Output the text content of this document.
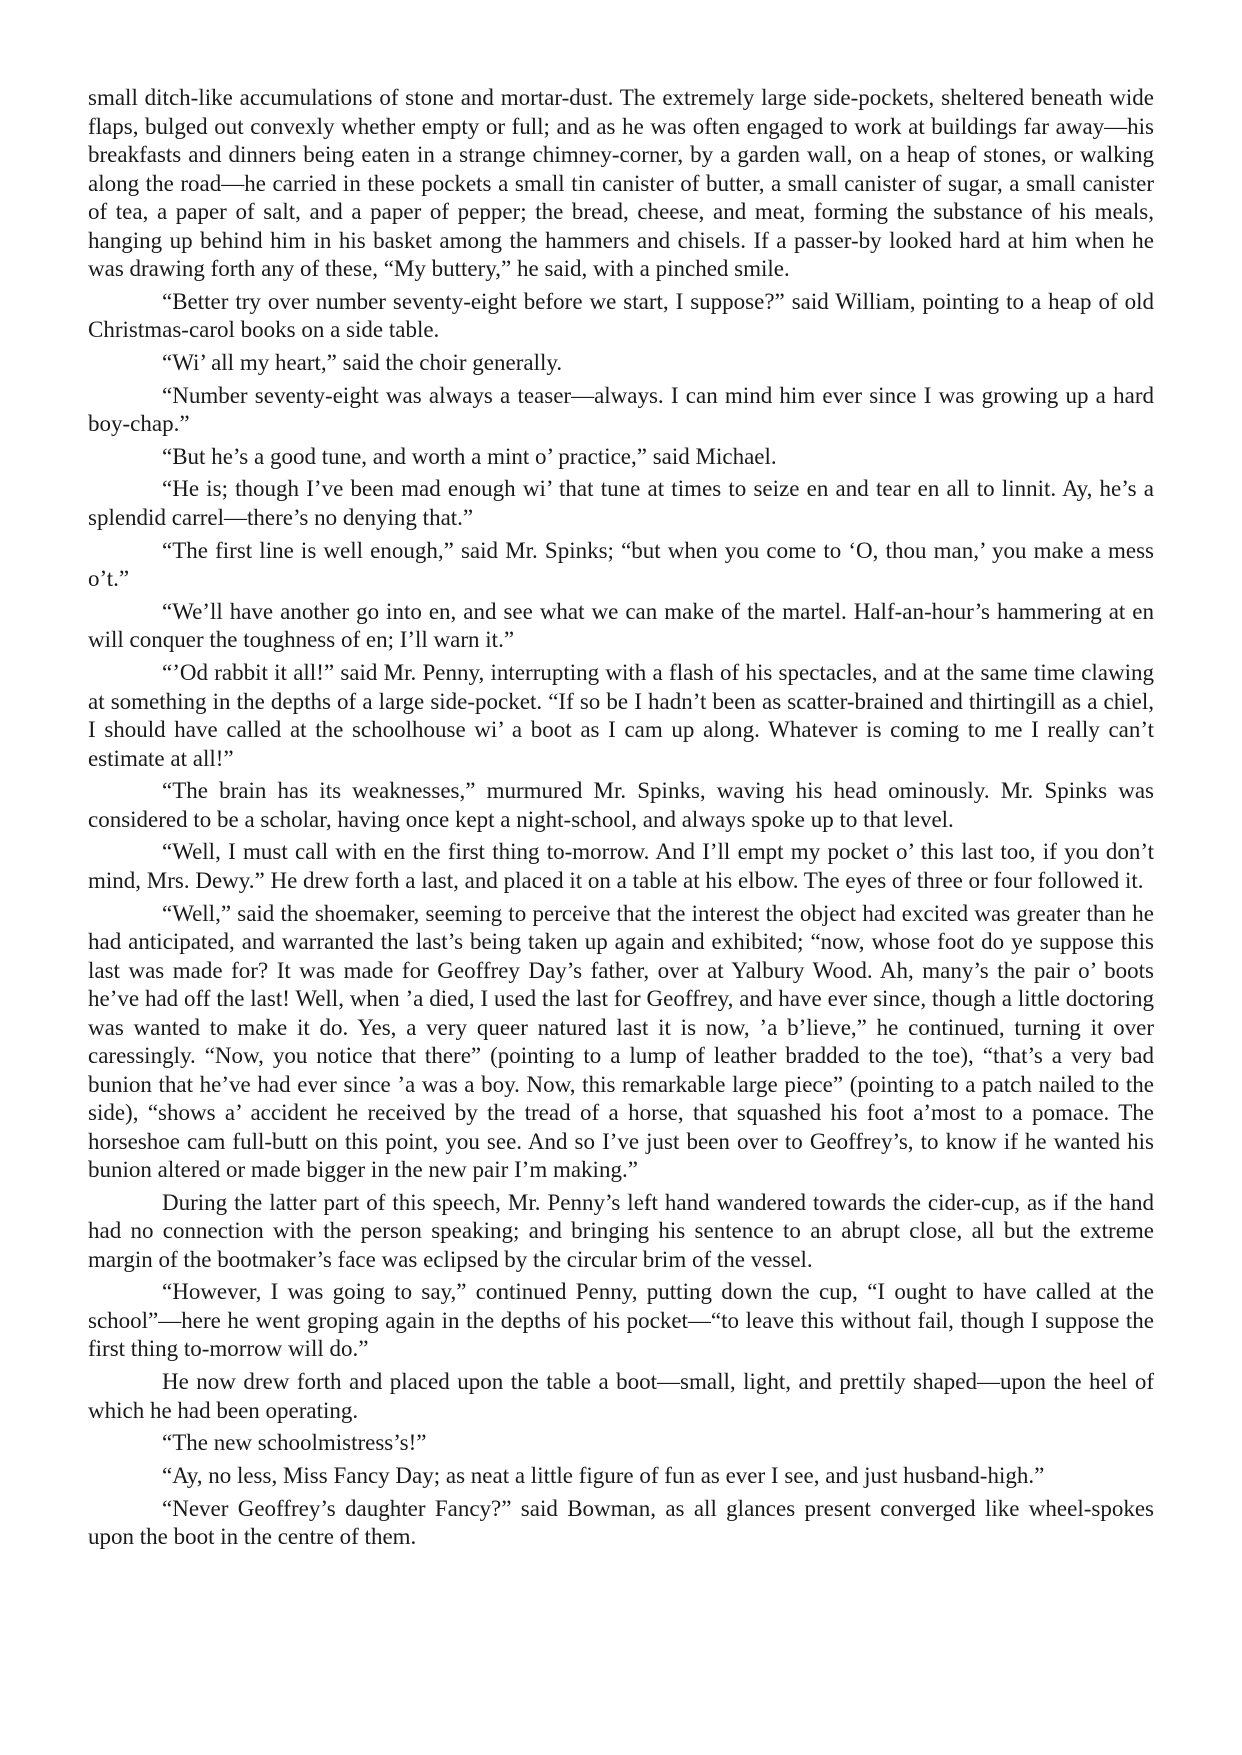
small ditch-like accumulations of stone and mortar-dust. The extremely large side-pockets, sheltered beneath wide flaps, bulged out convexly whether empty or full; and as he was often engaged to work at buildings far away—his breakfasts and dinners being eaten in a strange chimney-corner, by a garden wall, on a heap of stones, or walking along the road—he carried in these pockets a small tin canister of butter, a small canister of sugar, a small canister of tea, a paper of salt, and a paper of pepper; the bread, cheese, and meat, forming the substance of his meals, hanging up behind him in his basket among the hammers and chisels. If a passer-by looked hard at him when he was drawing forth any of these, “My buttery,” he said, with a pinched smile.

“Better try over number seventy-eight before we start, I suppose?” said William, pointing to a heap of old Christmas-carol books on a side table.

“Wi’ all my heart,” said the choir generally.

“Number seventy-eight was always a teaser—always. I can mind him ever since I was growing up a hard boy-chap.”

“But he’s a good tune, and worth a mint o’ practice,” said Michael.

“He is; though I’ve been mad enough wi’ that tune at times to seize en and tear en all to linnit. Ay, he’s a splendid carrel—there’s no denying that.”

“The first line is well enough,” said Mr. Spinks; “but when you come to ‘O, thou man,’ you make a mess o’t.”

“We’ll have another go into en, and see what we can make of the martel. Half-an-hour’s hammering at en will conquer the toughness of en; I’ll warn it.”

“’Od rabbit it all!” said Mr. Penny, interrupting with a flash of his spectacles, and at the same time clawing at something in the depths of a large side-pocket. “If so be I hadn’t been as scatter-brained and thirtingill as a chiel, I should have called at the schoolhouse wi’ a boot as I cam up along. Whatever is coming to me I really can’t estimate at all!”

“The brain has its weaknesses,” murmured Mr. Spinks, waving his head ominously. Mr. Spinks was considered to be a scholar, having once kept a night-school, and always spoke up to that level.

“Well, I must call with en the first thing to-morrow. And I’ll empt my pocket o’ this last too, if you don’t mind, Mrs. Dewy.” He drew forth a last, and placed it on a table at his elbow. The eyes of three or four followed it.

“Well,” said the shoemaker, seeming to perceive that the interest the object had excited was greater than he had anticipated, and warranted the last’s being taken up again and exhibited; “now, whose foot do ye suppose this last was made for? It was made for Geoffrey Day’s father, over at Yalbury Wood. Ah, many’s the pair o’ boots he’ve had off the last! Well, when ’a died, I used the last for Geoffrey, and have ever since, though a little doctoring was wanted to make it do. Yes, a very queer natured last it is now, ’a b’lieve,” he continued, turning it over caressingly. “Now, you notice that there” (pointing to a lump of leather bradded to the toe), “that’s a very bad bunion that he’ve had ever since ’a was a boy. Now, this remarkable large piece” (pointing to a patch nailed to the side), “shows a’ accident he received by the tread of a horse, that squashed his foot a’most to a pomace. The horseshoe cam full-butt on this point, you see. And so I’ve just been over to Geoffrey’s, to know if he wanted his bunion altered or made bigger in the new pair I’m making.”

During the latter part of this speech, Mr. Penny’s left hand wandered towards the cider-cup, as if the hand had no connection with the person speaking; and bringing his sentence to an abrupt close, all but the extreme margin of the bootmaker’s face was eclipsed by the circular brim of the vessel.

“However, I was going to say,” continued Penny, putting down the cup, “I ought to have called at the school”—here he went groping again in the depths of his pocket—“to leave this without fail, though I suppose the first thing to-morrow will do.”

He now drew forth and placed upon the table a boot—small, light, and prettily shaped—upon the heel of which he had been operating.

“The new schoolmistress’s!”

“Ay, no less, Miss Fancy Day; as neat a little figure of fun as ever I see, and just husband-high.”

“Never Geoffrey’s daughter Fancy?” said Bowman, as all glances present converged like wheel-spokes upon the boot in the centre of them.
